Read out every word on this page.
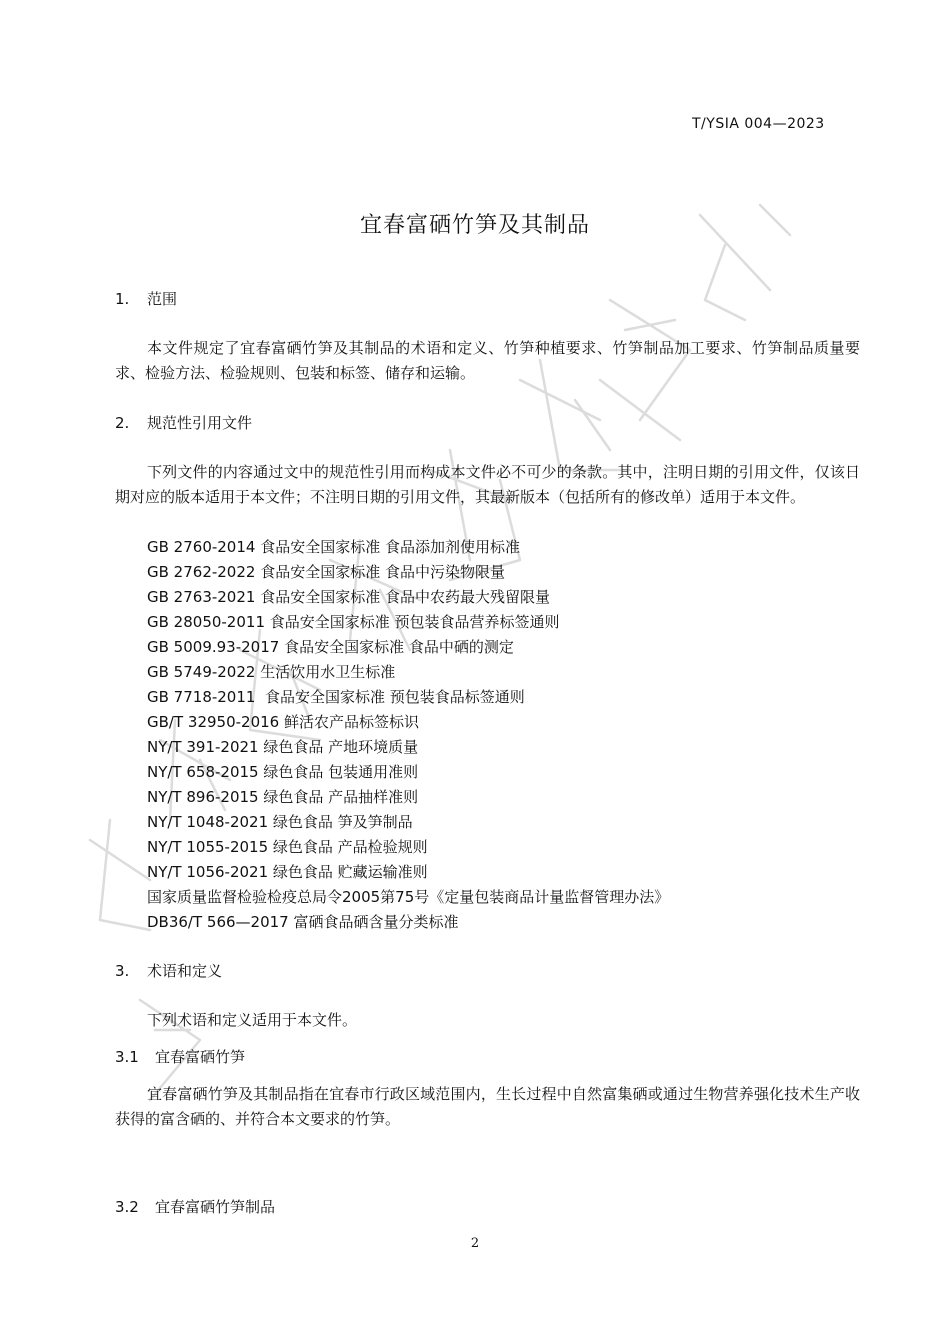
T/YSIA 004—2023
宜春富硒竹笋及其制品
1. 范围
本文件规定了宜春富硒竹笋及其制品的术语和定义、竹笋种植要求、竹笋制品加工要求、竹笋制品质量要求、检验方法、检验规则、包装和标签、储存和运输。
2. 规范性引用文件
下列文件的内容通过文中的规范性引用而构成本文件必不可少的条款。其中，注明日期的引用文件，仅该日期对应的版本适用于本文件；不注明日期的引用文件，其最新版本（包括所有的修改单）适用于本文件。
GB 2760-2014 食品安全国家标准 食品添加剂使用标准
GB 2762-2022 食品安全国家标准 食品中污染物限量
GB 2763-2021 食品安全国家标准 食品中农药最大残留限量
GB 28050-2011 食品安全国家标准 预包装食品营养标签通则
GB 5009.93-2017 食品安全国家标准 食品中硒的测定
GB 5749-2022 生活饮用水卫生标准
GB 7718-2011  食品安全国家标准 预包装食品标签通则
GB/T 32950-2016 鲜活农产品标签标识
NY/T 391-2021 绿色食品 产地环境质量
NY/T 658-2015 绿色食品 包装通用准则
NY/T 896-2015 绿色食品 产品抽样准则
NY/T 1048-2021 绿色食品 笋及笋制品
NY/T 1055-2015 绿色食品 产品检验规则
NY/T 1056-2021 绿色食品 贮藏运输准则
国家质量监督检验检疫总局令2005第75号《定量包装商品计量监督管理办法》
DB36/T 566—2017 富硒食品硒含量分类标准
3. 术语和定义
下列术语和定义适用于本文件。
3.1 宜春富硒竹笋
宜春富硒竹笋及其制品指在宜春市行政区域范围内，生长过程中自然富集硒或通过生物营养强化技术生产收获得的富含硒的、并符合本文要求的竹笋。
3.2 宜春富硒竹笋制品
2
